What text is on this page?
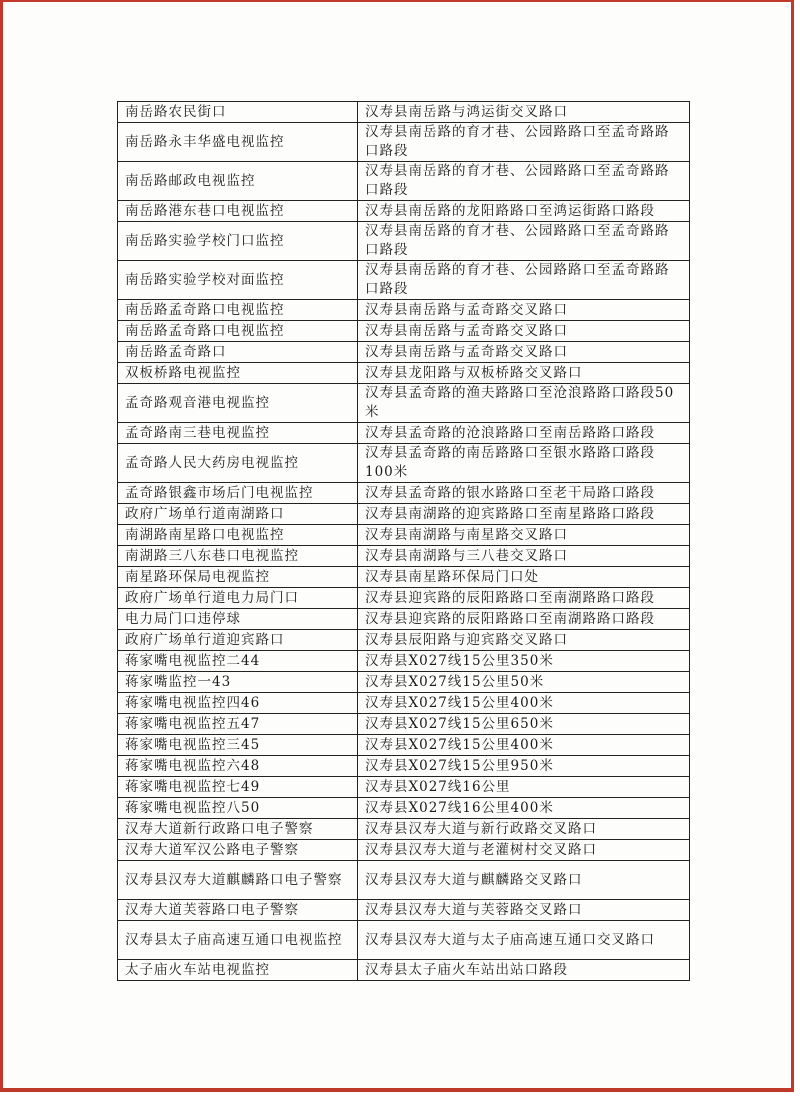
南岳路农民街口	汉寿县南岳路与鸿运街交叉路口
南岳路永丰华盛电视监控	汉寿县南岳路的育才巷、公园路路口至孟奇路路口路段
南岳路邮政电视监控	汉寿县南岳路的育才巷、公园路路口至孟奇路路口路段
南岳路港东巷口电视监控	汉寿县南岳路的龙阳路路口至鸿运街路口路段
南岳路实验学校门口监控	汉寿县南岳路的育才巷、公园路路口至孟奇路路口路段
南岳路实验学校对面监控	汉寿县南岳路的育才巷、公园路路口至孟奇路路口路段
南岳路孟奇路口电视监控	汉寿县南岳路与孟奇路交叉路口
南岳路孟奇路口电视监控	汉寿县南岳路与孟奇路交叉路口
南岳路孟奇路口	汉寿县南岳路与孟奇路交叉路口
双板桥路电视监控	汉寿县龙阳路与双板桥路交叉路口
孟奇路观音港电视监控	汉寿县孟奇路的渔夫路路口至沧浪路路口路段50米
孟奇路南三巷电视监控	汉寿县孟奇路的沧浪路路口至南岳路路口路段
孟奇路人民大药房电视监控	汉寿县孟奇路的南岳路路口至银水路路口路段100米
孟奇路银鑫市场后门电视监控	汉寿县孟奇路的银水路路口至老干局路口路段
政府广场单行道南湖路口	汉寿县南湖路的迎宾路路口至南星路路口路段
南湖路南星路口电视监控	汉寿县南湖路与南星路交叉路口
南湖路三八东巷口电视监控	汉寿县南湖路与三八巷交叉路口
南星路环保局电视监控	汉寿县南星路环保局门口处
政府广场单行道电力局门口	汉寿县迎宾路的辰阳路路口至南湖路路口路段
电力局门口违停球	汉寿县迎宾路的辰阳路路口至南湖路路口路段
政府广场单行道迎宾路口	汉寿县辰阳路与迎宾路交叉路口
蒋家嘴电视监控二44	汉寿县X027线15公里350米
蒋家嘴监控一43	汉寿县X027线15公里50米
蒋家嘴电视监控四46	汉寿县X027线15公里400米
蒋家嘴电视监控五47	汉寿县X027线15公里650米
蒋家嘴电视监控三45	汉寿县X027线15公里400米
蒋家嘴电视监控六48	汉寿县X027线15公里950米
蒋家嘴电视监控七49	汉寿县X027线16公里
蒋家嘴电视监控八50	汉寿县X027线16公里400米
汉寿大道新行政路口电子警察	汉寿县汉寿大道与新行政路交叉路口
汉寿大道军汉公路电子警察	汉寿县汉寿大道与老灌树村交叉路口
汉寿县汉寿大道麒麟路口电子警察	汉寿县汉寿大道与麒麟路交叉路口
汉寿大道芙蓉路口电子警察	汉寿县汉寿大道与芙蓉路交叉路口
汉寿县太子庙高速互通口电视监控	汉寿县汉寿大道与太子庙高速互通口交叉路口
太子庙火车站电视监控	汉寿县太子庙火车站出站口路段
